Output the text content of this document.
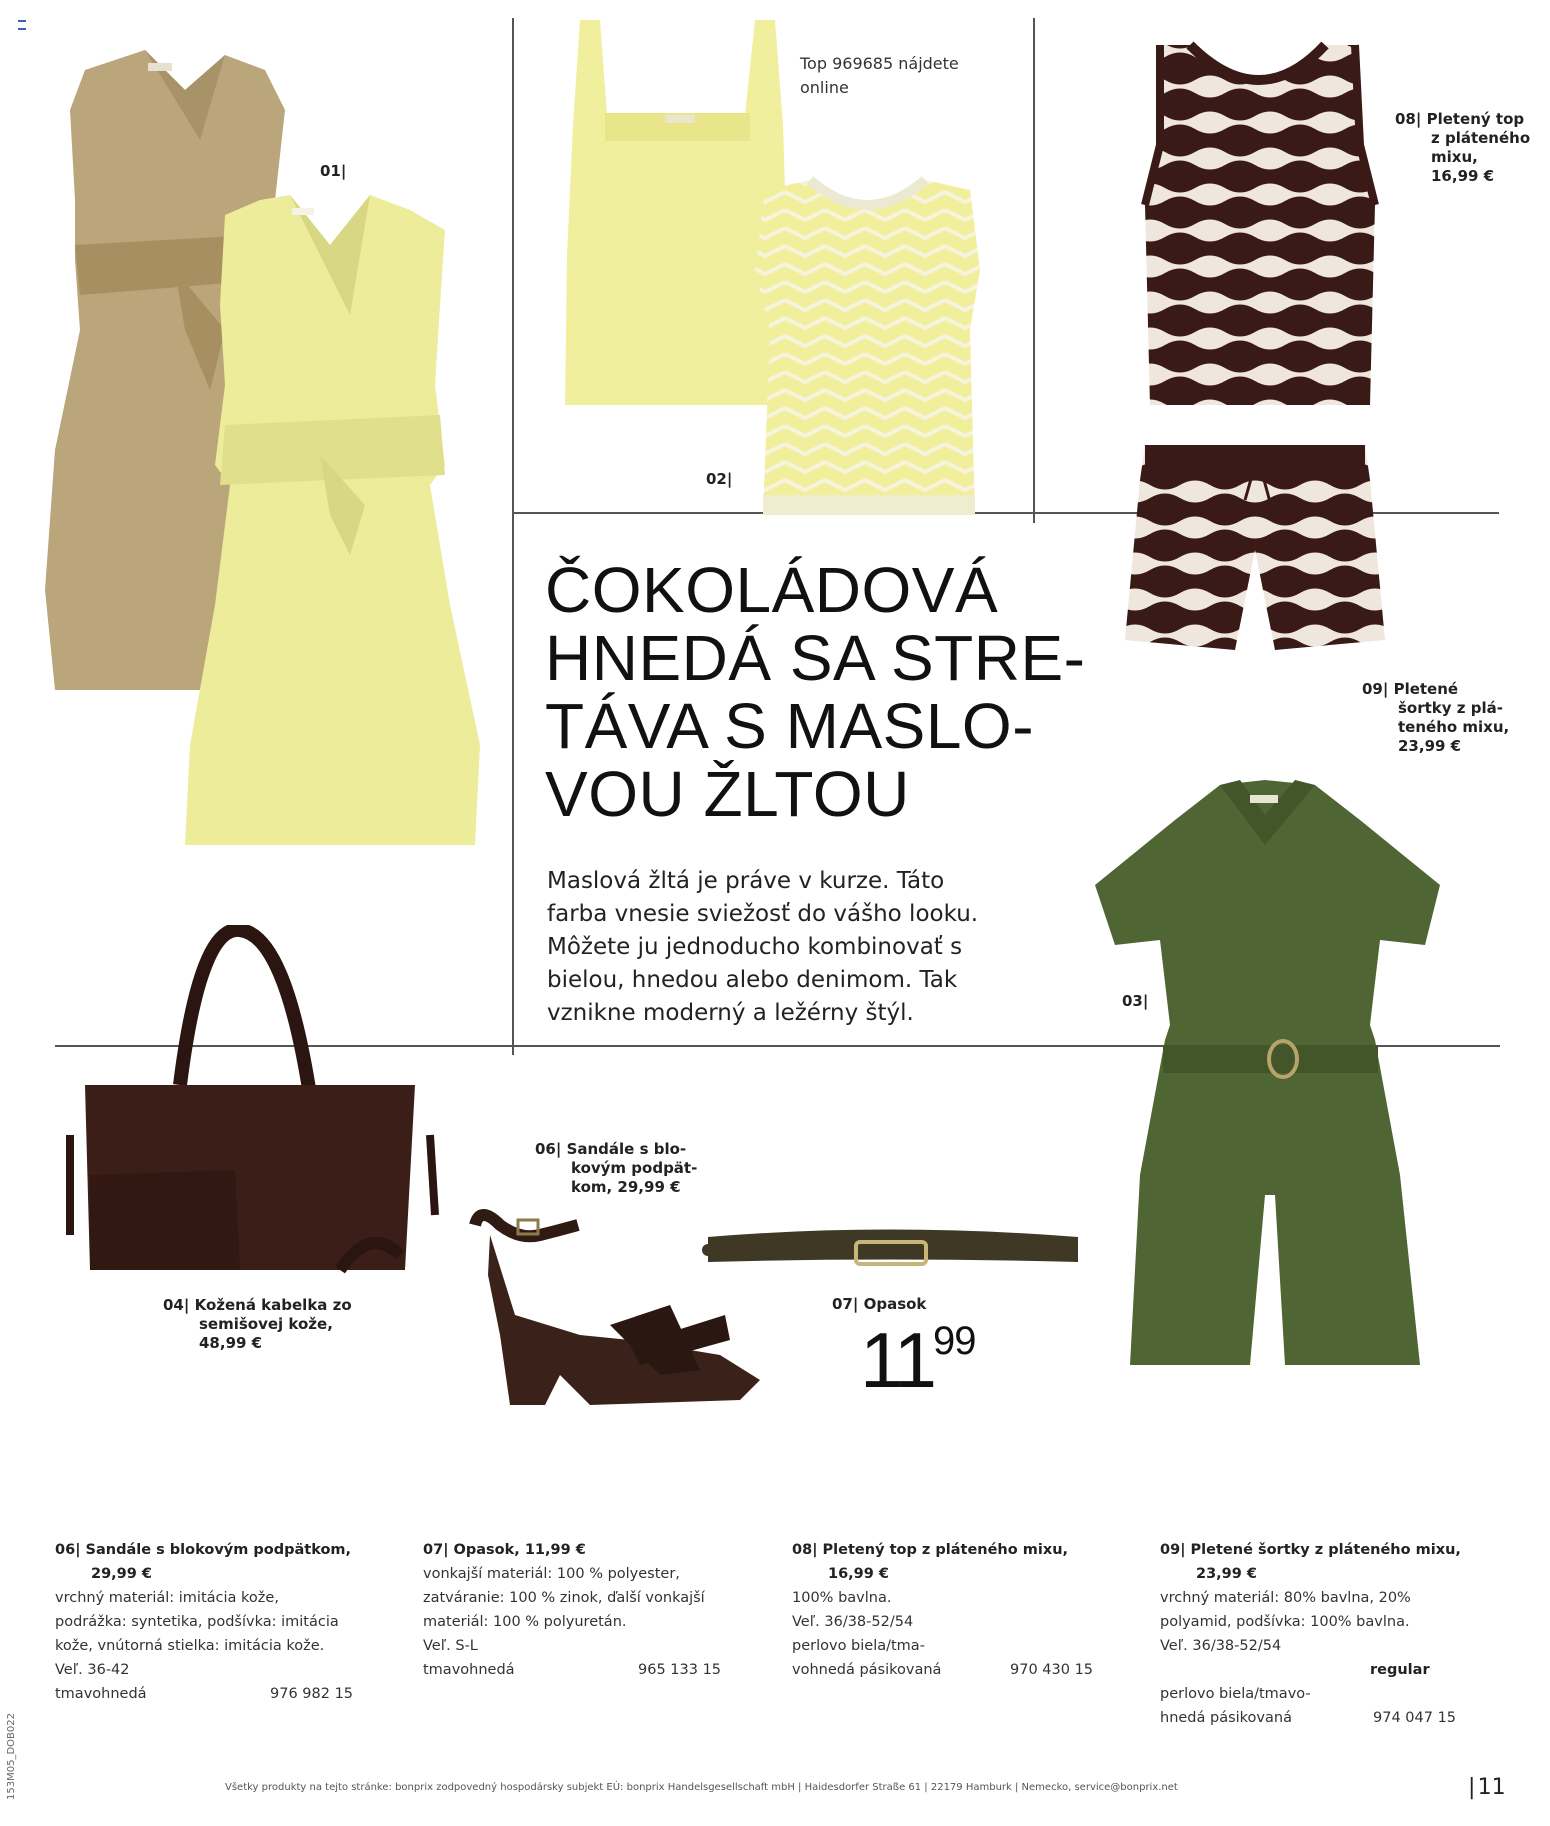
01|
Top 969685 nájdete
online
02|
08| Pletený top
z pláteného
mixu,
16,99 €
09| Pletené
šortky z plá-
teného mixu,
23,99 €
ČOKOLÁDOVÁ
HNEDÁ SA STRE-
TÁVA S MASLO-
VOU ŽLTOU
Maslová žltá je práve v kurze. Táto
farba vnesie sviežosť do vášho looku.
Môžete ju jednoducho kombinovať s
bielou, hnedou alebo denimom. Tak
vznikne moderný a ležérny štýl.	03|
04| Kožená kabelka zo
semišovej kože,
48,99 €
06| Sandále s blo-
kovým podpät-
kom, 29,99 €
07| Opasok
$11^{99}$
06| Sandále s blokovým podpätkom,
29,99 €
vrchný materiál: imitácia kože,
podrážka: syntetika, podšívka: imitácia
kože, vnútorná stielka: imitácia kože.
Veľ. 36-42
tmavohnedá	976 982 15
07| Opasok, 11,99 €
vonkajší materiál: 100 % polyester,
zatváranie: 100 % zinok, ďalší vonkajší
materiál: 100 % polyuretán.
Veľ. S-L
tmavohnedá	965 133 15
08| Pletený top z pláteného mixu,
16,99 €
100% bavlna.
Veľ. 36/38-52/54
perlovo biela/tma-
vohnedá pásikovaná	970 430 15
09| Pletené šortky z pláteného mixu,
23,99 €
vrchný materiál: 80% bavlna, 20%
polyamid, podšívka: 100% bavlna.
Veľ. 36/38-52/54
regular
perlovo biela/tmavo-
hnedá pásikovaná	974 047 15
Všetky produkty na tejto stránke: bonprix zodpovedný hospodársky subjekt EÚ: bonprix Handelsgesellschaft mbH | Haidesdorfer Straße 61 | 22179 Hamburk | Nemecko, service@bonprix.net	| 11
153M05_DOB022
